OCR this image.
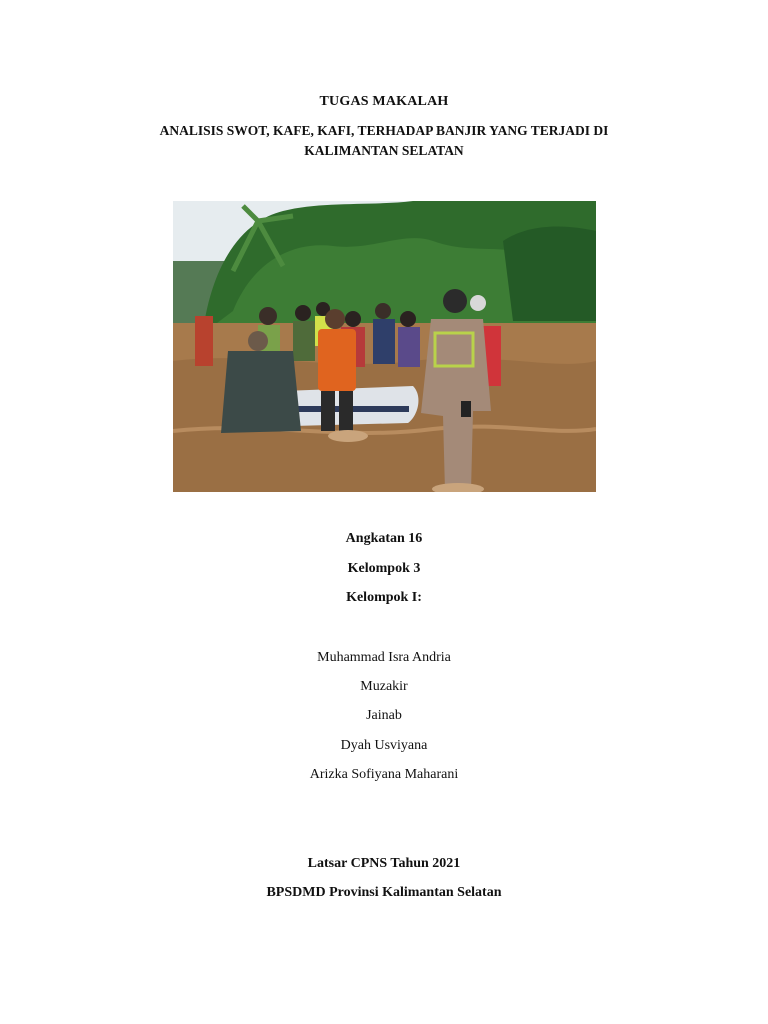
TUGAS MAKALAH
ANALISIS SWOT, KAFE, KAFI, TERHADAP BANJIR YANG TERJADI DI
KALIMANTAN SELATAN
Angkatan 16
Kelompok 3
Kelompok I:
Muhammad Isra Andria
Muzakir
Jainab
Dyah Usviyana
Arizka Sofiyana Maharani
Latsar CPNS Tahun 2021
BPSDMD Provinsi Kalimantan Selatan
